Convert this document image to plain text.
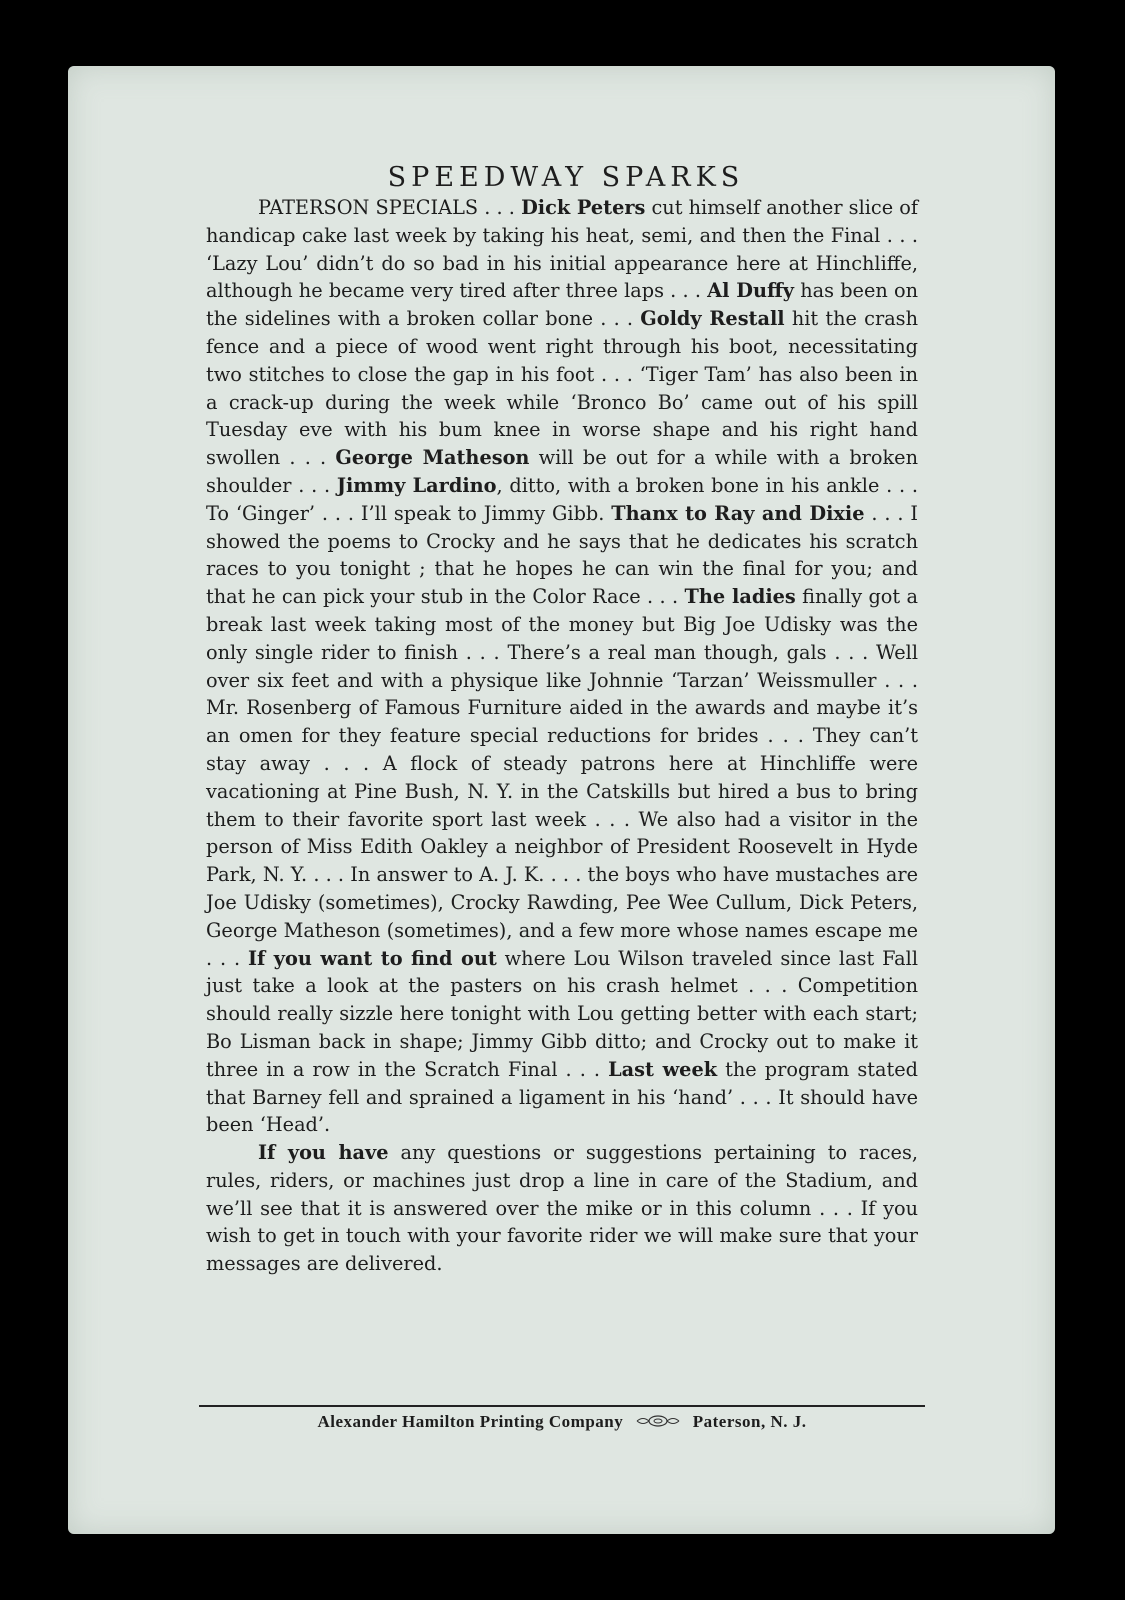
SPEEDWAY SPARKS

PATERSON SPECIALS . . . Dick Peters cut himself another slice of handicap cake last week by taking his heat, semi, and then the Final . . . ‘Lazy Lou’ didn’t do so bad in his initial appearance here at Hinchliffe, although he became very tired after three laps . . . Al Duffy has been on the sidelines with a broken collar bone . . . Goldy Restall hit the crash fence and a piece of wood went right through his boot, necessitating two stitches to close the gap in his foot . . . ‘Tiger Tam’ has also been in a crack-up during the week while ‘Bronco Bo’ came out of his spill Tuesday eve with his bum knee in worse shape and his right hand swollen . . . George Matheson will be out for a while with a broken shoulder . . . Jimmy Lardino, ditto, with a broken bone in his ankle . . . To ‘Ginger’ . . . I’ll speak to Jimmy Gibb. Thanx to Ray and Dixie . . . I showed the poems to Crocky and he says that he dedicates his scratch races to you tonight ; that he hopes he can win the final for you; and that he can pick your stub in the Color Race . . . The ladies finally got a break last week taking most of the money but Big Joe Udisky was the only single rider to finish . . . There’s a real man though, gals . . . Well over six feet and with a physique like Johnnie ‘Tarzan’ Weissmuller . . . Mr. Rosenberg of Famous Furniture aided in the awards and maybe it’s an omen for they feature special reductions for brides . . . They can’t stay away . . . A flock of steady patrons here at Hinchliffe were vacationing at Pine Bush, N. Y. in the Catskills but hired a bus to bring them to their favorite sport last week . . . We also had a visitor in the person of Miss Edith Oakley a neighbor of President Roosevelt in Hyde Park, N. Y. . . . In answer to A. J. K. . . . the boys who have mustaches are Joe Udisky (sometimes), Crocky Rawding, Pee Wee Cullum, Dick Peters, George Matheson (sometimes), and a few more whose names escape me . . . If you want to find out where Lou Wilson traveled since last Fall just take a look at the pasters on his crash helmet . . . Competition should really sizzle here tonight with Lou getting better with each start; Bo Lisman back in shape; Jimmy Gibb ditto; and Crocky out to make it three in a row in the Scratch Final . . . Last week the program stated that Barney fell and sprained a ligament in his ‘hand’ . . . It should have been ‘Head’.

If you have any questions or suggestions pertaining to races, rules, riders, or machines just drop a line in care of the Stadium, and we’ll see that it is answered over the mike or in this column . . . If you wish to get in touch with your favorite rider we will make sure that your messages are delivered.

Alexander Hamilton Printing Company	Paterson, N. J.
